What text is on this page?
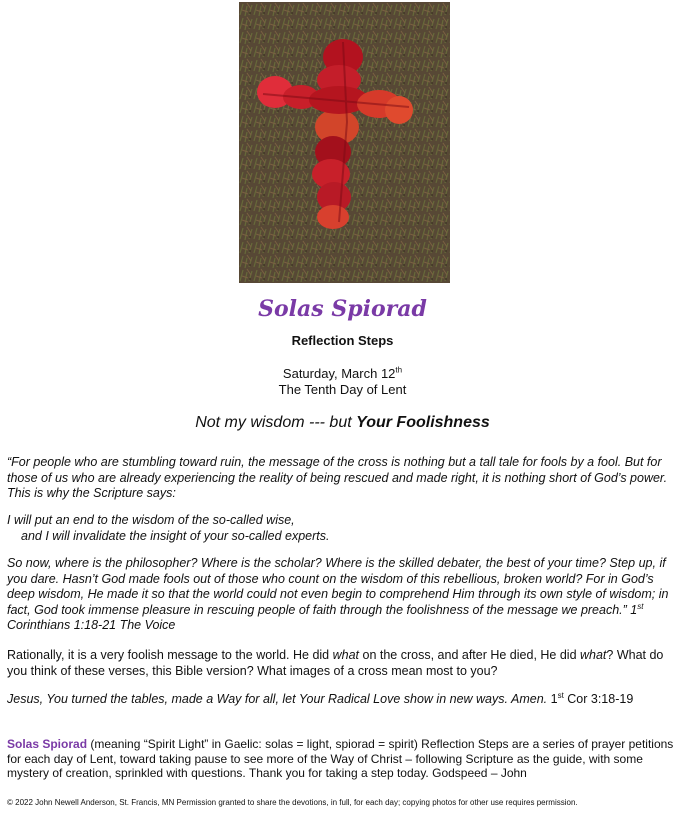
Solas Spiorad
Reflection Steps
Saturday, March 12th
The Tenth Day of Lent
Not my wisdom --- but Your Foolishness

“For people who are stumbling toward ruin, the message of the cross is nothing but a tall tale for fools by a fool. But for those of us who are already experiencing the reality of being rescued and made right, it is nothing short of God’s power. This is why the Scripture says:

I will put an end to the wisdom of the so-called wise,

and I will invalidate the insight of your so-called experts.

So now, where is the philosopher? Where is the scholar? Where is the skilled debater, the best of your time? Step up, if you dare. Hasn’t God made fools out of those who count on the wisdom of this rebellious, broken world? For in God’s deep wisdom, He made it so that the world could not even begin to comprehend Him through its own style of wisdom; in fact, God took immense pleasure in rescuing people of faith through the foolishness of the message we preach.” 1st Corinthians 1:18-21 The Voice

Rationally, it is a very foolish message to the world. He did what on the cross, and after He died, He did what? What do you think of these verses, this Bible version? What images of a cross mean most to you?

Jesus, You turned the tables, made a Way for all, let Your Radical Love show in new ways. Amen. 1st Cor 3:18-19

Solas Spiorad (meaning “Spirit Light” in Gaelic: solas = light, spiorad = spirit) Reflection Steps are a series of prayer petitions for each day of Lent, toward taking pause to see more of the Way of Christ – following Scripture as the guide, with some mystery of creation, sprinkled with questions. Thank you for taking a step today. Godspeed – John

© 2022 John Newell Anderson, St. Francis, MN Permission granted to share the devotions, in full, for each day; copying photos for other use requires permission.
